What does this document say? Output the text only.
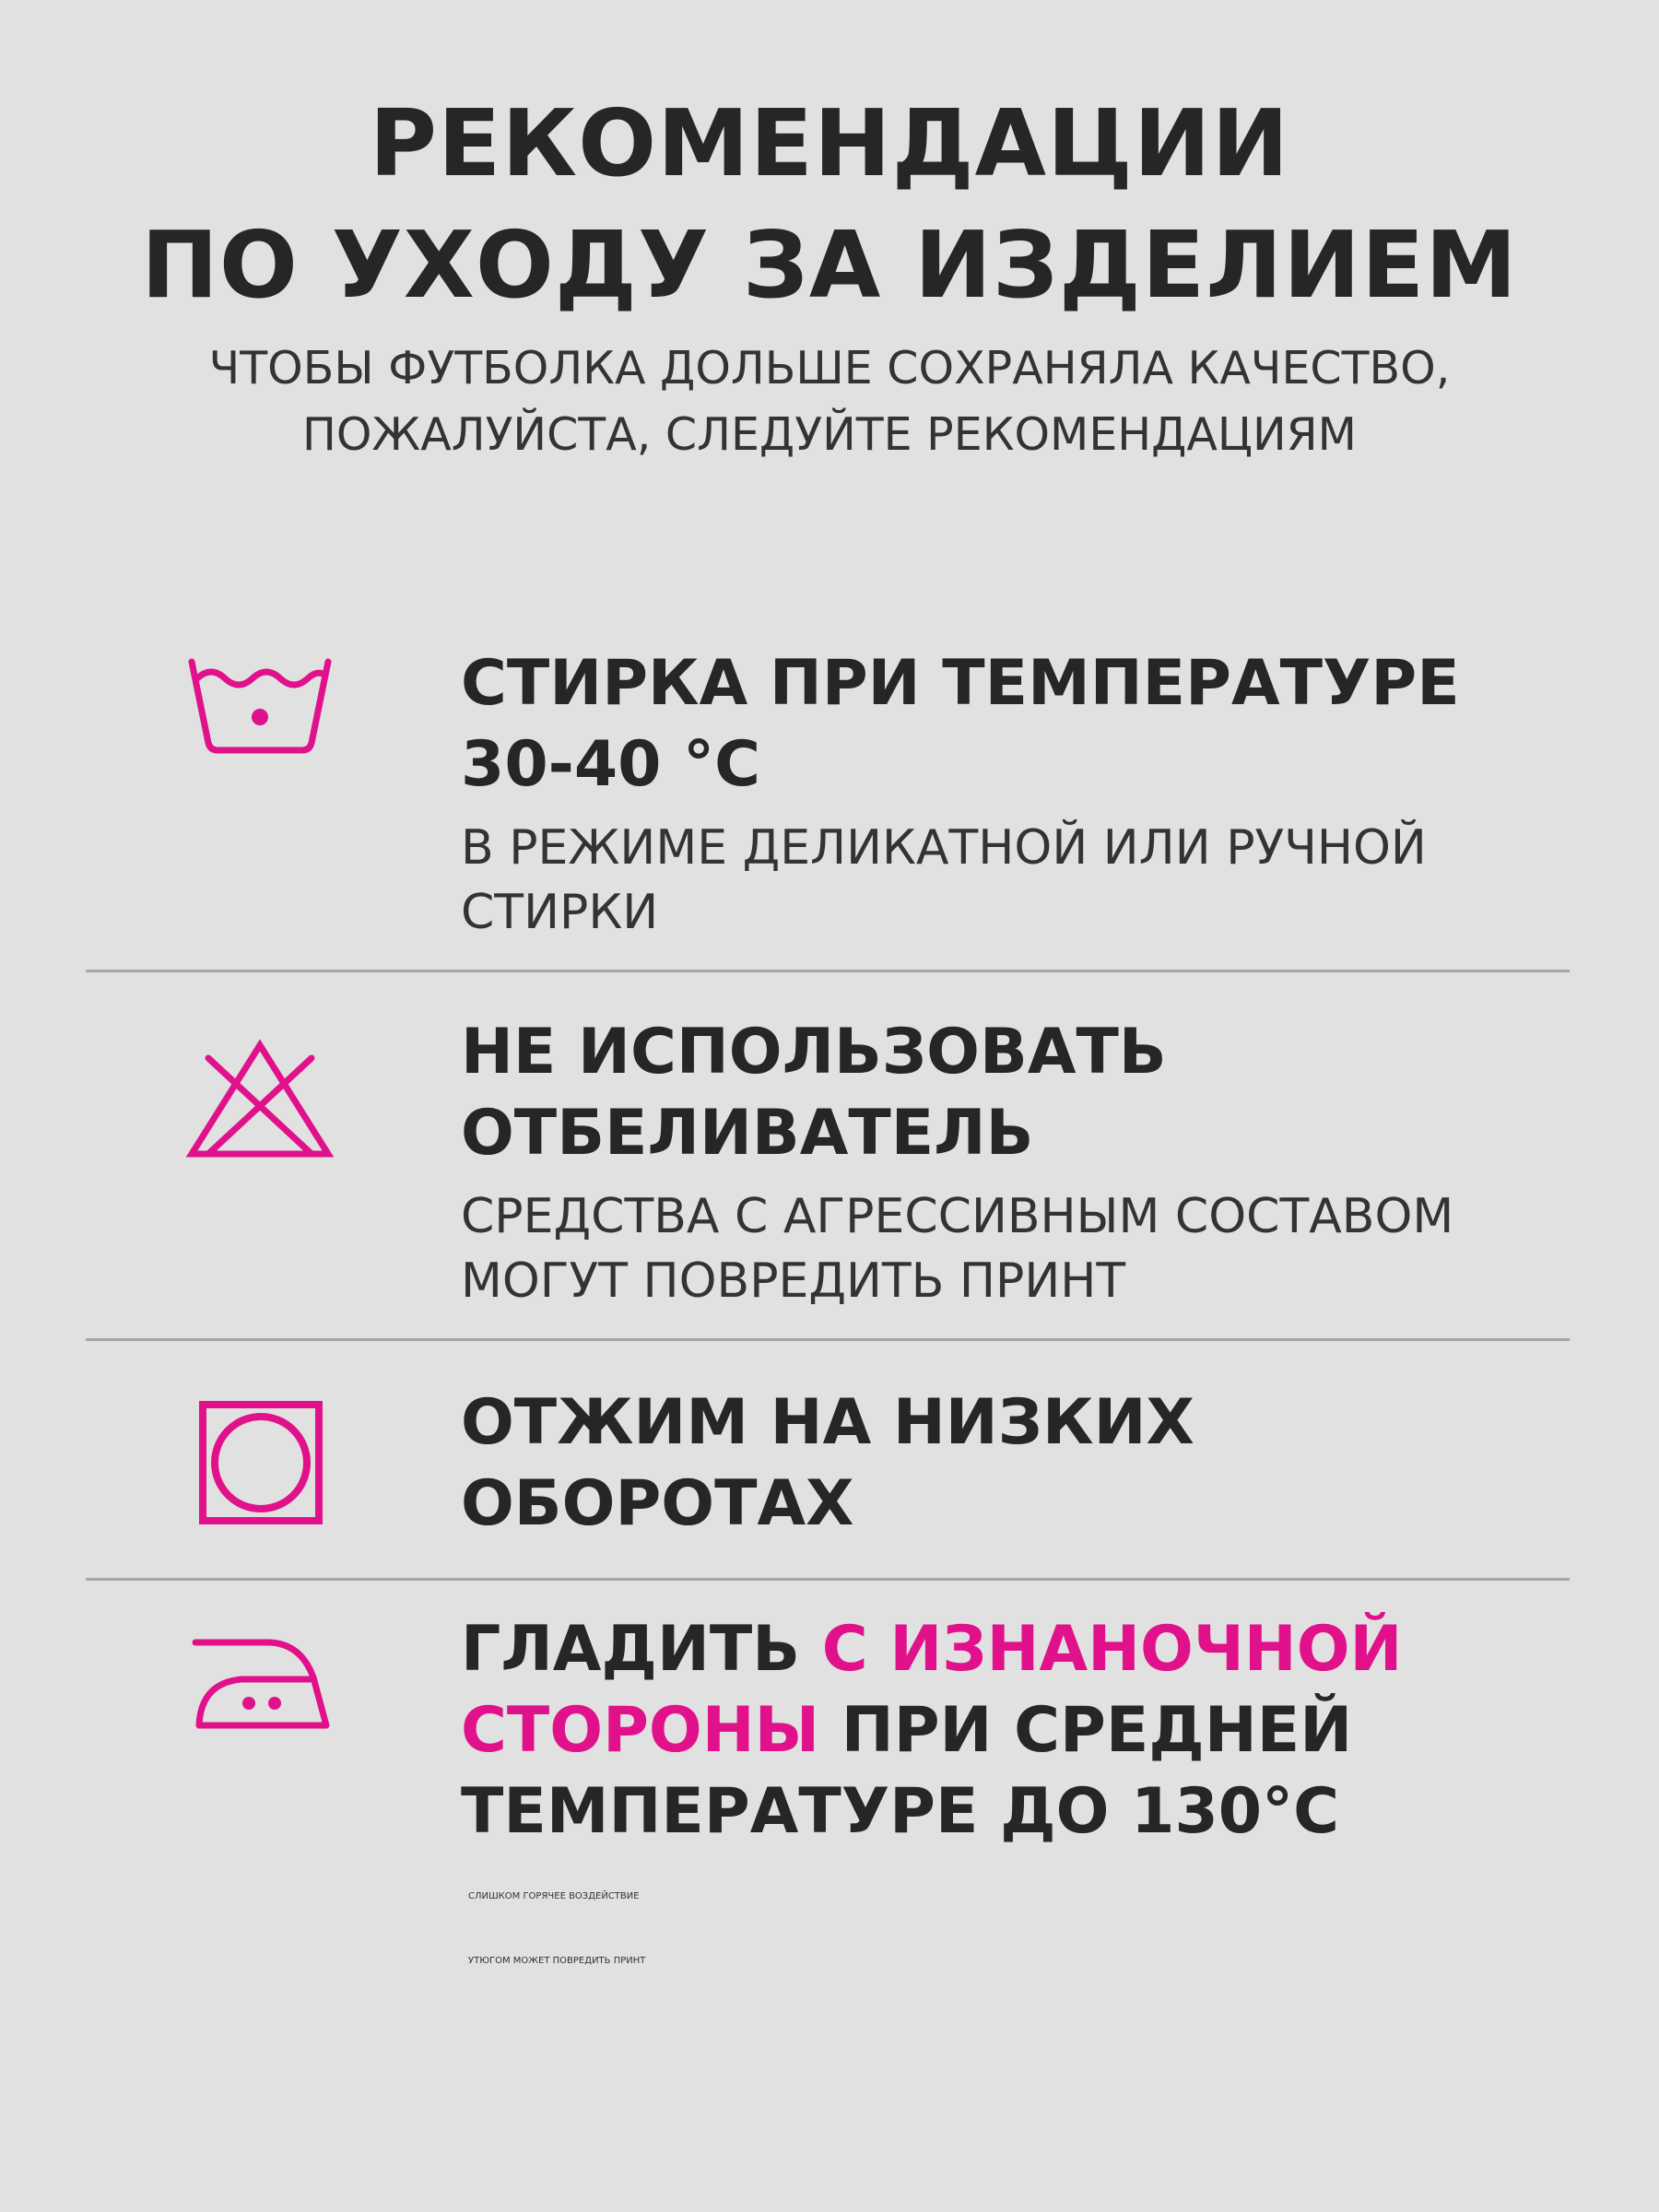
РЕКОМЕНДАЦИИ
ПО УХОДУ ЗА ИЗДЕЛИЕМ

ЧТОБЫ ФУТБОЛКА ДОЛЬШЕ СОХРАНЯЛА КАЧЕСТВО,

ПОЖАЛУЙСТА, СЛЕДУЙТЕ РЕКОМЕНДАЦИЯМ

СТИРКА ПРИ ТЕМПЕРАТУРЕ

30-40 °С

В РЕЖИМЕ ДЕЛИКАТНОЙ ИЛИ РУЧНОЙ

СТИРКИ

НЕ ИСПОЛЬЗОВАТЬ

ОТБЕЛИВАТЕЛЬ

СРЕДСТВА С АГРЕССИВНЫМ СОСТАВОМ

МОГУТ ПОВРЕДИТЬ ПРИНТ

ОТЖИМ НА НИЗКИХ

ОБОРОТАХ

ГЛАДИТЬ С ИЗНАНОЧНОЙ

СТОРОНЫ ПРИ СРЕДНЕЙ

ТЕМПЕРАТУРЕ ДО 130°С

СЛИШКОМ ГОРЯЧЕЕ ВОЗДЕЙСТВИЕ

УТЮГОМ МОЖЕТ ПОВРЕДИТЬ ПРИНТ
